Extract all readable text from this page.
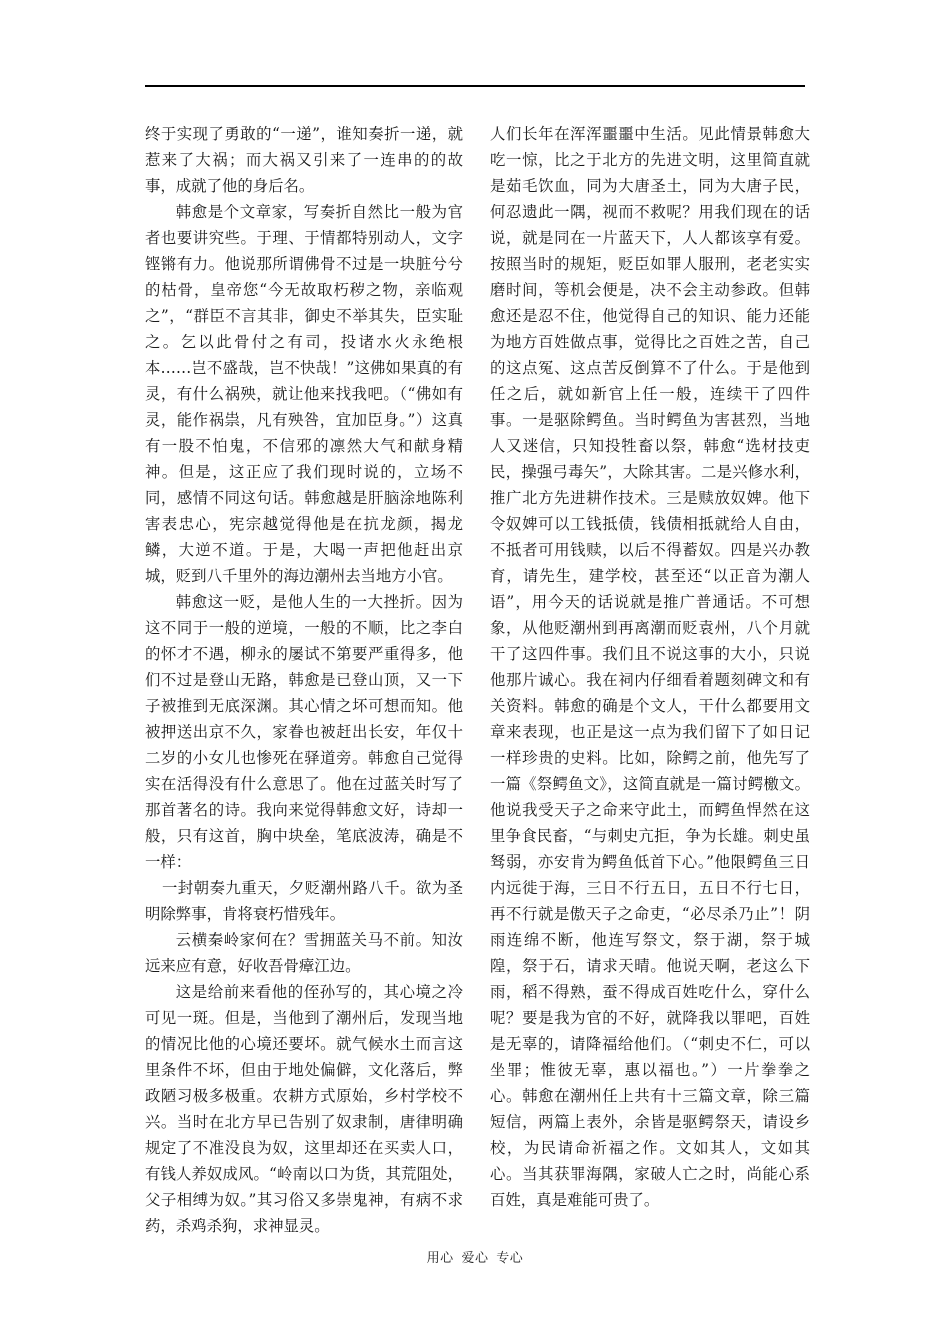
终于实现了勇敢的“一递”，谁知奏折一递，就惹来了大祸；而大祸又引来了一连串的的故事，成就了他的身后名。

韩愈是个文章家，写奏折自然比一般为官者也要讲究些。于理、于情都特别动人，文字铿锵有力。他说那所谓佛骨不过是一块脏兮兮的枯骨，皇帝您“今无故取朽秽之物，亲临观之”，“群臣不言其非，御史不举其失，臣实耻之。乞以此骨付之有司，投诸水火永绝根本……岂不盛哉，岂不快哉！”这佛如果真的有灵，有什么祸殃，就让他来找我吧。（“佛如有灵，能作祸祟，凡有殃咎，宜加臣身。”）这真有一股不怕鬼，不信邪的凛然大气和献身精神。但是，这正应了我们现时说的，立场不同，感情不同这句话。韩愈越是肝脑涂地陈利害表忠心，宪宗越觉得他是在抗龙颜，揭龙鳞，大逆不道。于是，大喝一声把他赶出京城，贬到八千里外的海边潮州去当地方小官。

韩愈这一贬，是他人生的一大挫折。因为这不同于一般的逆境，一般的不顺，比之李白的怀才不遇，柳永的屡试不第要严重得多，他们不过是登山无路，韩愈是已登山顶，又一下子被推到无底深渊。其心情之坏可想而知。他被押送出京不久，家眷也被赶出长安，年仅十二岁的小女儿也惨死在驿道旁。韩愈自己觉得实在活得没有什么意思了。他在过蓝关时写了那首著名的诗。我向来觉得韩愈文好，诗却一般，只有这首，胸中块垒，笔底波涛，确是不一样：

一封朝奏九重天，夕贬潮州路八千。欲为圣明除弊事，肯将衰朽惜残年。

云横秦岭家何在？雪拥蓝关马不前。知汝远来应有意，好收吾骨瘴江边。

这是给前来看他的侄孙写的，其心境之冷可见一斑。但是，当他到了潮州后，发现当地的情况比他的心境还要坏。就气候水土而言这里条件不坏，但由于地处偏僻，文化落后，弊政陋习极多极重。农耕方式原始，乡村学校不兴。当时在北方早已告别了奴隶制，唐律明确规定了不准没良为奴，这里却还在买卖人口，有钱人养奴成风。“岭南以口为货，其荒阻处，父子相缚为奴。”其习俗又多崇鬼神，有病不求药，杀鸡杀狗，求神显灵。

人们长年在浑浑噩噩中生活。见此情景韩愈大吃一惊，比之于北方的先进文明，这里简直就是茹毛饮血，同为大唐圣土，同为大唐子民，何忍遗此一隅，视而不救呢？用我们现在的话说，就是同在一片蓝天下，人人都该享有爱。按照当时的规矩，贬臣如罪人服刑，老老实实磨时间，等机会便是，决不会主动参政。但韩愈还是忍不住，他觉得自己的知识、能力还能为地方百姓做点事，觉得比之百姓之苦，自己的这点冤、这点苦反倒算不了什么。于是他到任之后，就如新官上任一般，连续干了四件事。一是驱除鳄鱼。当时鳄鱼为害甚烈，当地人又迷信，只知投牲畜以祭，韩愈“选材技吏民，操强弓毒矢”，大除其害。二是兴修水利，推广北方先进耕作技术。三是赎放奴婢。他下令奴婢可以工钱抵债，钱债相抵就给人自由，不抵者可用钱赎，以后不得蓄奴。四是兴办教育，请先生，建学校，甚至还“以正音为潮人语”，用今天的话说就是推广普通话。不可想象，从他贬潮州到再离潮而贬袁州，八个月就干了这四件事。我们且不说这事的大小，只说他那片诚心。我在祠内仔细看着题刻碑文和有关资料。韩愈的确是个文人，干什么都要用文章来表现，也正是这一点为我们留下了如日记一样珍贵的史料。比如，除鳄之前，他先写了一篇《祭鳄鱼文》，这简直就是一篇讨鳄檄文。他说我受天子之命来守此土，而鳄鱼悍然在这里争食民畜，“与刺史亢拒，争为长雄。刺史虽驽弱，亦安肯为鳄鱼低首下心。”他限鳄鱼三日内远徙于海，三日不行五日，五日不行七日，再不行就是傲天子之命吏，“必尽杀乃止”！阴雨连绵不断，他连写祭文，祭于湖，祭于城隍，祭于石，请求天晴。他说天啊，老这么下雨，稻不得熟，蚕不得成百姓吃什么，穿什么呢？要是我为官的不好，就降我以罪吧，百姓是无辜的，请降福给他们。（“刺史不仁，可以坐罪；惟彼无辜，惠以福也。”）一片拳拳之心。韩愈在潮州任上共有十三篇文章，除三篇短信，两篇上表外，余皆是驱鳄祭天，请设乡校，为民请命祈福之作。文如其人，文如其心。当其获罪海隅，家破人亡之时，尚能心系百姓，真是难能可贵了。

用心 爱心 专心
